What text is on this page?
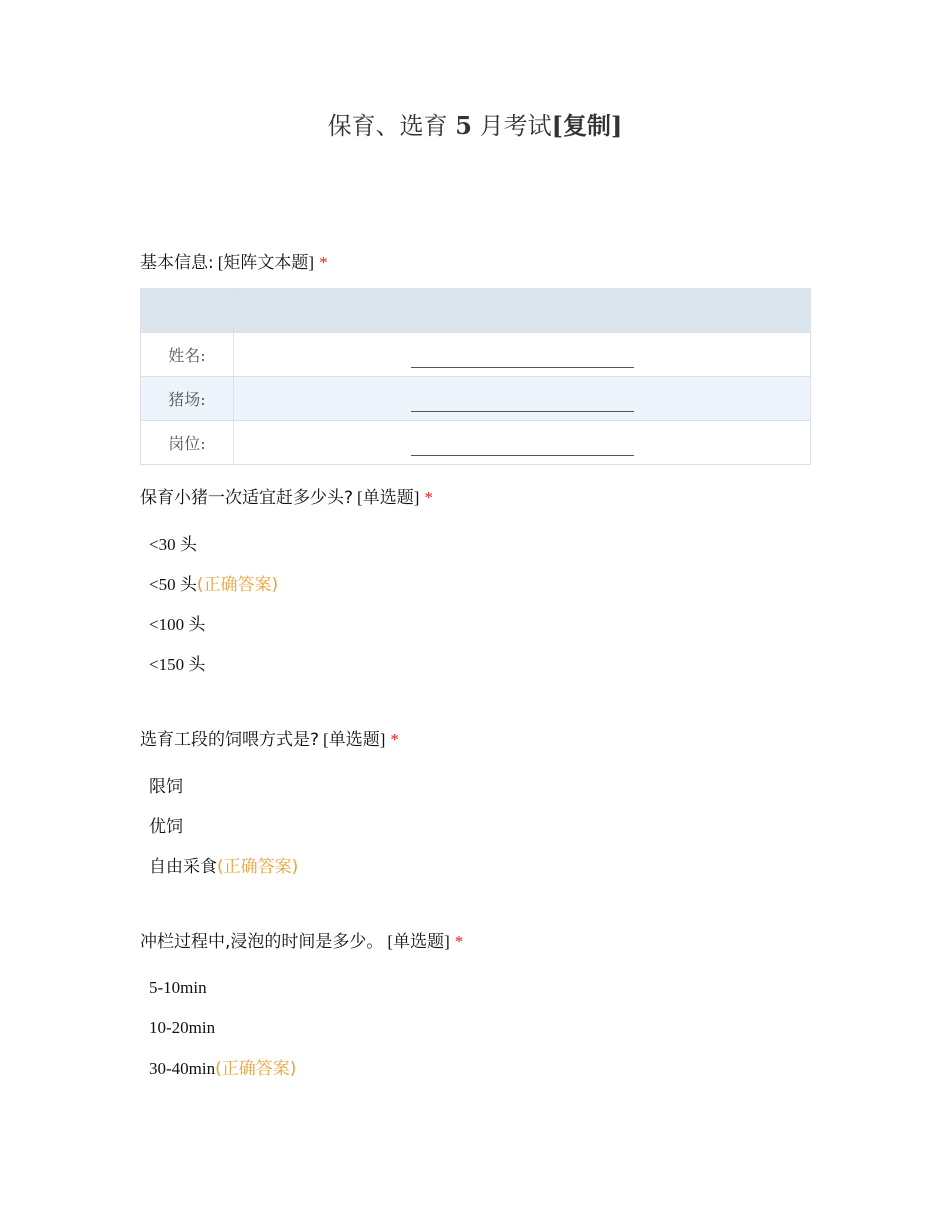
保育、选育 5 月考试[复制]
基本信息: [矩阵文本题] *

姓名:	

猪场:	

岗位:	
保育小猪一次适宜赶多少头? [单选题] *
<30 头
<50 头(正确答案)
<100 头
<150 头
选育工段的饲喂方式是? [单选题] *
限饲
优饲
自由采食(正确答案)
冲栏过程中,浸泡的时间是多少。 [单选题] *
5-10min
10-20min
30-40min(正确答案)
